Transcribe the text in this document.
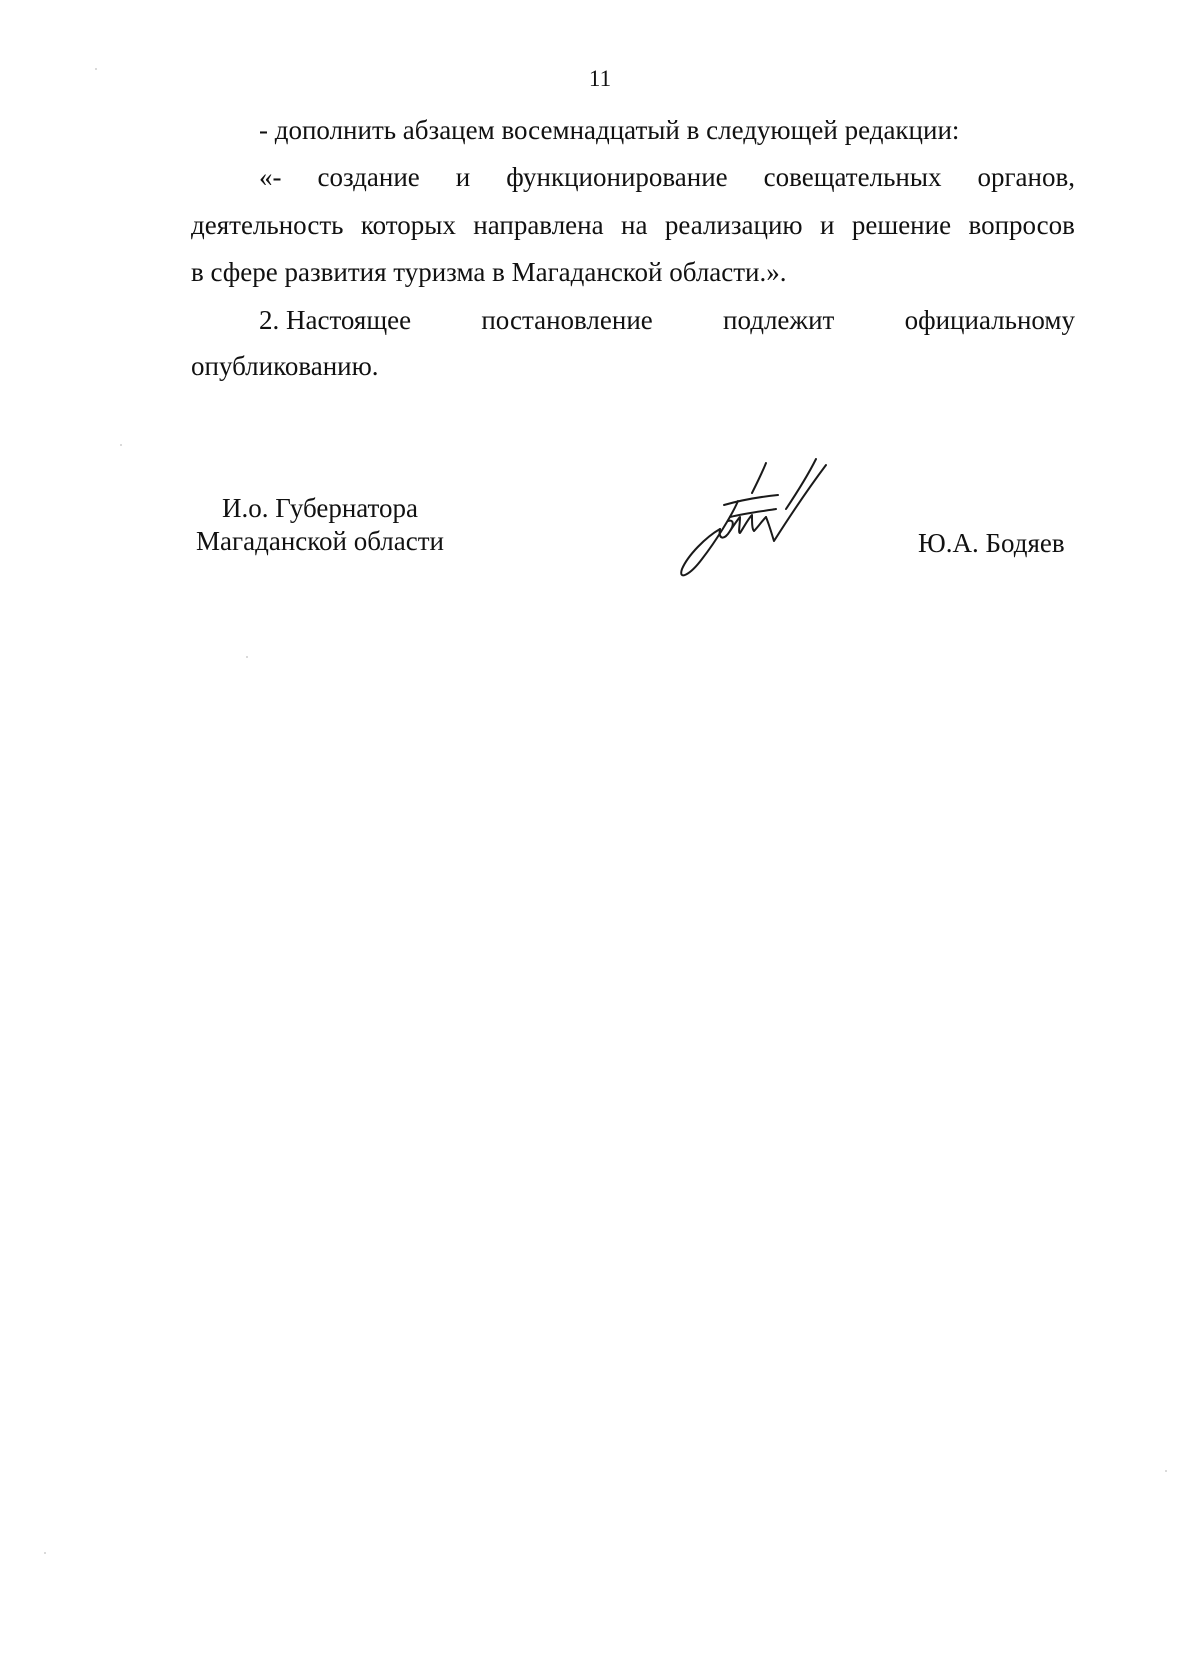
11
- дополнить абзацем восемнадцатый в следующей редакции:
«- создание и функционирование совещательных органов,
деятельность которых направлена на реализацию и решение вопросов
в сфере развития туризма в Магаданской области.».
2. Настоящее	постановление	подлежит	официальному
опубликованию.
И.о. Губернатора
Магаданской области	Ю.А. Бодяев
